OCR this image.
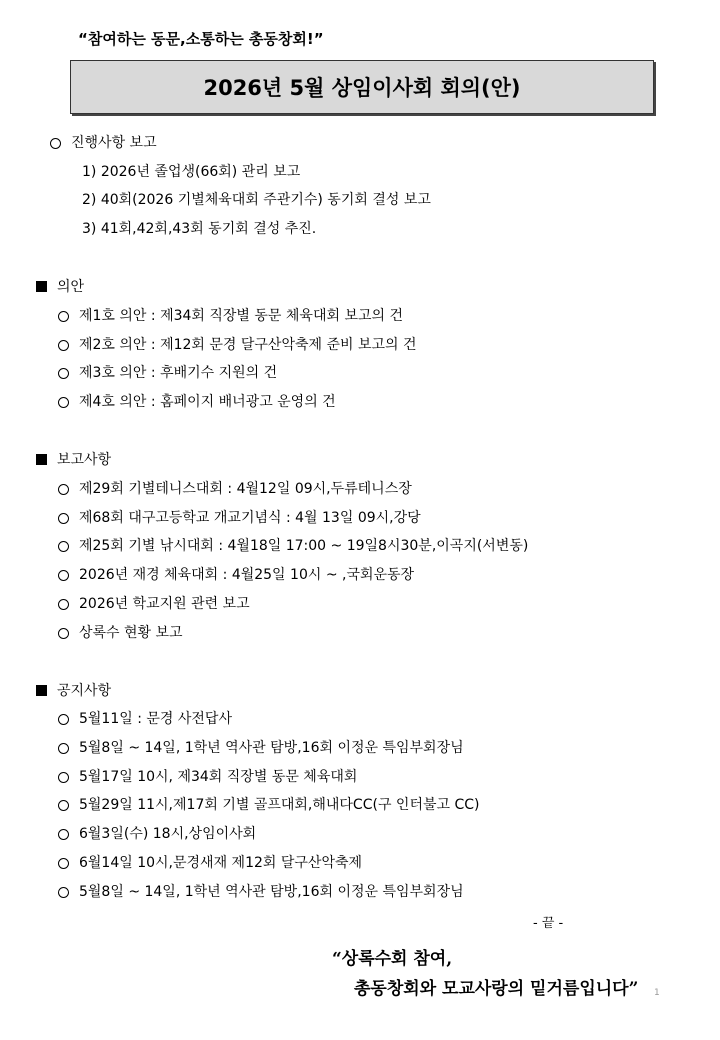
“참여하는 동문,소통하는 총동창회!”
2026년 5월 상임이사회 회의(안)
진행사항 보고
1) 2026년 졸업생(66회) 관리 보고
2) 40회(2026 기별체육대회 주관기수) 동기회 결성 보고
3) 41회,42회,43회 동기회 결성 추진.
의안
제1호 의안 : 제34회 직장별 동문 체육대회 보고의 건
제2호 의안 : 제12회 문경 달구산악축제 준비 보고의 건
제3호 의안 : 후배기수 지원의 건
제4호 의안 : 홈페이지 배너광고 운영의 건
보고사항
제29회 기별테니스대회 : 4월12일 09시,두류테니스장
제68회 대구고등학교 개교기념식 : 4월 13일 09시,강당
제25회 기별 낚시대회 : 4월18일 17:00 ~ 19일8시30분,이곡지(서변동)
2026년 재경 체육대회 : 4월25일 10시 ~ ,국회운동장
2026년 학교지원 관련 보고
상록수 현황 보고
공지사항
5월11일 : 문경 사전답사
5월8일 ~ 14일, 1학년 역사관 탐방,16회 이정운 특임부회장님
5월17일 10시, 제34회 직장별 동문 체육대회
5월29일 11시,제17회 기별 골프대회,해내다CC(구 인터불고 CC)
6월3일(수) 18시,상임이사회
6월14일 10시,문경새재 제12회 달구산악축제
5월8일 ~ 14일, 1학년 역사관 탐방,16회 이정운 특임부회장님
- 끝 -
“상록수회 참여,
총동창회와 모교사랑의 밑거름입니다” 1
